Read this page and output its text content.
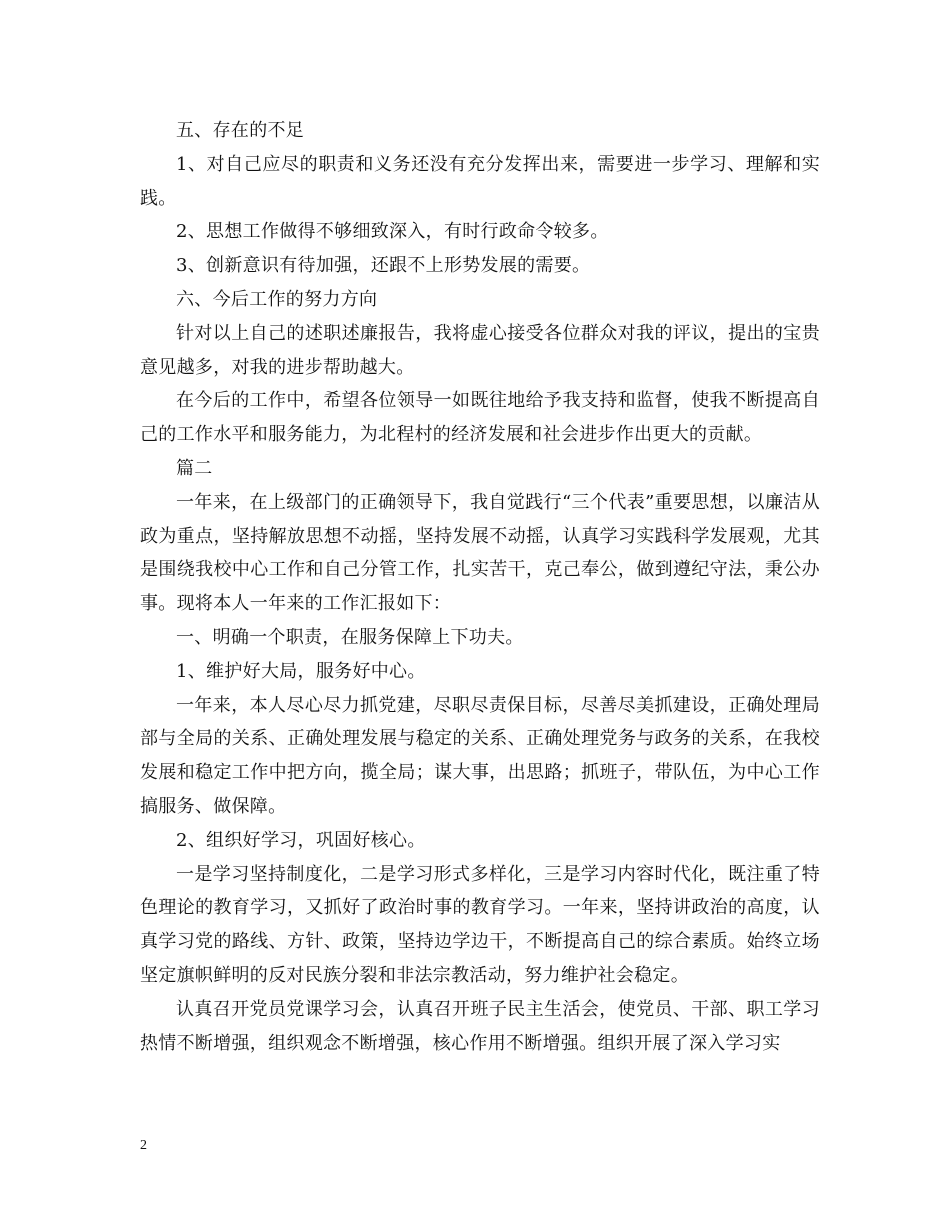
五、存在的不足

1、对自己应尽的职责和义务还没有充分发挥出来，需要进一步学习、理解和实践。

2、思想工作做得不够细致深入，有时行政命令较多。

3、创新意识有待加强，还跟不上形势发展的需要。

六、今后工作的努力方向

针对以上自己的述职述廉报告，我将虚心接受各位群众对我的评议，提出的宝贵意见越多，对我的进步帮助越大。

在今后的工作中，希望各位领导一如既往地给予我支持和监督，使我不断提高自己的工作水平和服务能力，为北程村的经济发展和社会进步作出更大的贡献。

篇二

一年来，在上级部门的正确领导下，我自觉践行“三个代表”重要思想，以廉洁从政为重点，坚持解放思想不动摇，坚持发展不动摇，认真学习实践科学发展观，尤其是围绕我校中心工作和自己分管工作，扎实苦干，克己奉公，做到遵纪守法，秉公办事。现将本人一年来的工作汇报如下：

一、明确一个职责，在服务保障上下功夫。

1、维护好大局，服务好中心。

一年来，本人尽心尽力抓党建，尽职尽责保目标，尽善尽美抓建设，正确处理局部与全局的关系、正确处理发展与稳定的关系、正确处理党务与政务的关系，在我校发展和稳定工作中把方向，揽全局；谋大事，出思路；抓班子，带队伍，为中心工作搞服务、做保障。

2、组织好学习，巩固好核心。

一是学习坚持制度化，二是学习形式多样化，三是学习内容时代化，既注重了特色理论的教育学习，又抓好了政治时事的教育学习。一年来，坚持讲政治的高度，认真学习党的路线、方针、政策，坚持边学边干，不断提高自己的综合素质。始终立场坚定旗帜鲜明的反对民族分裂和非法宗教活动，努力维护社会稳定。

认真召开党员党课学习会，认真召开班子民主生活会，使党员、干部、职工学习热情不断增强，组织观念不断增强，核心作用不断增强。组织开展了深入学习实

2
